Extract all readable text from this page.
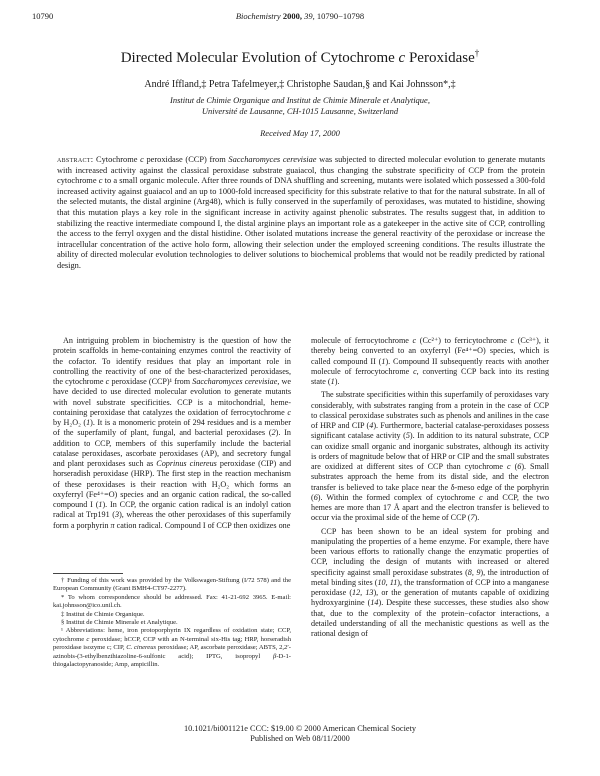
10790	Biochemistry 2000, 39, 10790−10798
Directed Molecular Evolution of Cytochrome c Peroxidase†
André Iffland,‡ Petra Tafelmeyer,‡ Christophe Saudan,§ and Kai Johnsson*,‡
Institut de Chimie Organique and Institut de Chimie Minerale et Analytique,
Université de Lausanne, CH-1015 Lausanne, Switzerland
Received May 17, 2000
abstract: Cytochrome c peroxidase (CCP) from Saccharomyces cerevisiae was subjected to directed molecular evolution to generate mutants with increased activity against the classical peroxidase substrate guaiacol, thus changing the substrate specificity of CCP from the protein cytochrome c to a small organic molecule. After three rounds of DNA shuffling and screening, mutants were isolated which possessed a 300-fold increased activity against guaiacol and an up to 1000-fold increased specificity for this substrate relative to that for the natural substrate. In all of the selected mutants, the distal arginine (Arg48), which is fully conserved in the superfamily of peroxidases, was mutated to histidine, showing that this mutation plays a key role in the significant increase in activity against phenolic substrates. The results suggest that, in addition to stabilizing the reactive intermediate compound I, the distal arginine plays an important role as a gatekeeper in the active site of CCP, controlling the access to the ferryl oxygen and the distal histidine. Other isolated mutations increase the general reactivity of the peroxidase or increase the intracellular concentration of the active holo form, allowing their selection under the employed screening conditions. The results illustrate the ability of directed molecular evolution technologies to deliver solutions to biochemical problems that would not be readily predicted by rational design.

An intriguing problem in biochemistry is the question of how the protein scaffolds in heme-containing enzymes control the reactivity of the cofactor. To identify residues that play an important role in controlling the reactivity of one of the best-characterized peroxidases, the cytochrome c peroxidase (CCP)¹ from Saccharomyces cerevisiae, we have decided to use directed molecular evolution to generate mutants with novel substrate specificities. CCP is a mitochondrial, heme-containing peroxidase that catalyzes the oxidation of ferrocytochrome c by H₂O₂ (1). It is a monomeric protein of 294 residues and is a member of the superfamily of plant, fungal, and bacterial peroxidases (2). In addition to CCP, members of this superfamily include the bacterial catalase peroxidases, ascorbate peroxidases (AP), and secretory fungal and plant peroxidases such as Coprinus cinereus peroxidase (CIP) and horseradish peroxidase (HRP). The first step in the reaction mechanism of these peroxidases is their reaction with H₂O₂ which forms an oxyferryl (Fe⁴⁺=O) species and an organic cation radical, the so-called compound I (1). In CCP, the organic cation radical is an indolyl cation radical at Trp191 (3), whereas the other peroxidases of this superfamily form a porphyrin π cation radical. Compound I of CCP then oxidizes one

† Funding of this work was provided by the Volkswagen-Stiftung (I/72 578) and the European Community (Grant BMH4-CT97-2277).

* To whom correspondence should be addressed. Fax: 41-21-692 3965. E-mail: kai.johnsson@ico.unil.ch.

‡ Institut de Chimie Organique.

§ Institut de Chimie Minerale et Analytique.

¹ Abbreviations: heme, iron protoporphyrin IX regardless of oxidation state; CCP, cytochrome c peroxidase; hCCP, CCP with an N-terminal six-His tag; HRP, horseradish peroxidase isozyme c; CIP, C. cinereus peroxidase; AP, ascorbate peroxidase; ABTS, 2,2′-azinobis-(3-ethylbenzthiazoline-6-sulfonic acid); IPTG, isopropyl β-D-1-thiogalactopyranoside; Amp, ampicillin.

molecule of ferrocytochrome c (Cc²⁺) to ferricytochrome c (Cc³⁺), it thereby being converted to an oxyferryl (Fe⁴⁺=O) species, which is called compound II (1). Compound II subsequently reacts with another molecule of ferrocytochrome c, converting CCP back into its resting state (1).

The substrate specificities within this superfamily of peroxidases vary considerably, with substrates ranging from a protein in the case of CCP to classical peroxidase substrates such as phenols and anilines in the case of HRP and CIP (4). Furthermore, bacterial catalase-peroxidases possess significant catalase activity (5). In addition to its natural substrate, CCP can oxidize small organic and inorganic substrates, although its activity is orders of magnitude below that of HRP or CIP and the small substrates are oxidized at different sites of CCP than cytochrome c (6). Small substrates approach the heme from its distal side, and the electron transfer is believed to take place near the δ-meso edge of the porphyrin (6). Within the formed complex of cytochrome c and CCP, the two hemes are more than 17 Å apart and the electron transfer is believed to occur via the proximal side of the heme of CCP (7).

CCP has been shown to be an ideal system for probing and manipulating the properties of a heme enzyme. For example, there have been various efforts to rationally change the enzymatic properties of CCP, including the design of mutants with increased or altered specificity against small peroxidase substrates (8, 9), the introduction of metal binding sites (10, 11), the transformation of CCP into a manganese peroxidase (12, 13), or the generation of mutants capable of oxidizing hydroxyarginine (14). Despite these successes, these studies also show that, due to the complexity of the protein−cofactor interactions, a detailed understanding of all the mechanistic questions as well as the rational design of

10.1021/bi001121e CCC: $19.00 © 2000 American Chemical Society
Published on Web 08/11/2000
